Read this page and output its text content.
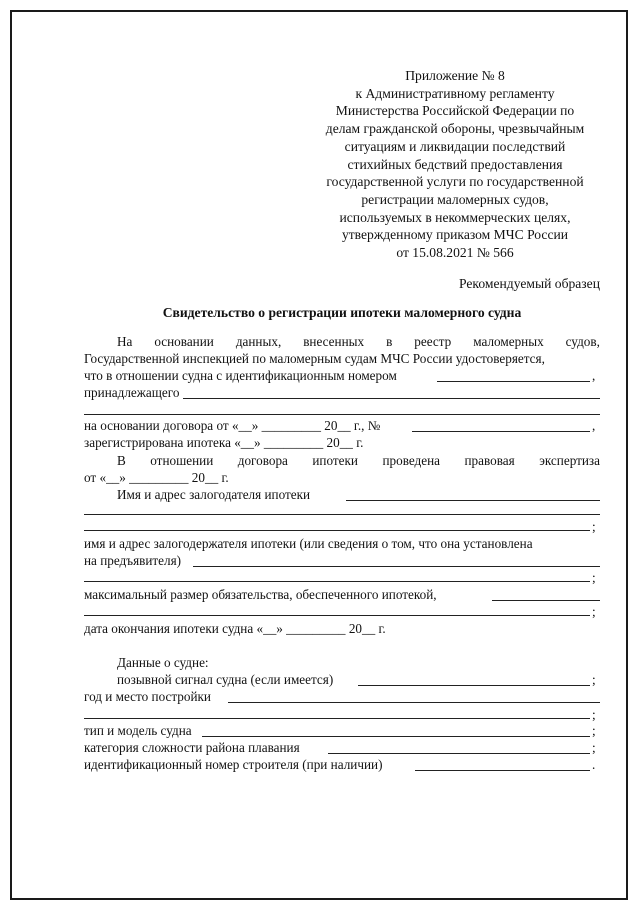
Приложение № 8
к Административному регламенту
Министерства Российской Федерации по
делам гражданской обороны, чрезвычайным
ситуациям и ликвидации последствий
стихийных бедствий предоставления
государственной услуги по государственной
регистрации маломерных судов,
используемых в некоммерческих целях,
утвержденному приказом МЧС России
от 15.08.2021 № 566
Рекомендуемый образец
Свидетельство о регистрации ипотеки маломерного судна
На основании данных, внесенных в реестр маломерных судов,
Государственной инспекцией по маломерным судам МЧС России удостоверяется,
что в отношении судна с идентификационным номером	,
принадлежащего
на основании договора от «__» _________ 20__ г., №	,
зарегистрирована ипотека «__» _________ 20__ г.
В отношении договора ипотеки проведена правовая экспертиза
от «__» _________ 20__ г.
Имя и адрес залогодателя ипотеки
;
имя и адрес залогодержателя ипотеки (или сведения о том, что она установлена
на предъявителя)
;
максимальный размер обязательства, обеспеченного ипотекой,
;
дата окончания ипотеки судна «__» _________ 20__ г.
Данные о судне:
позывной сигнал судна (если имеется)	;
год и место постройки
;
тип и модель судна	;
категория сложности района плавания	;
идентификационный номер строителя (при наличии)	.
